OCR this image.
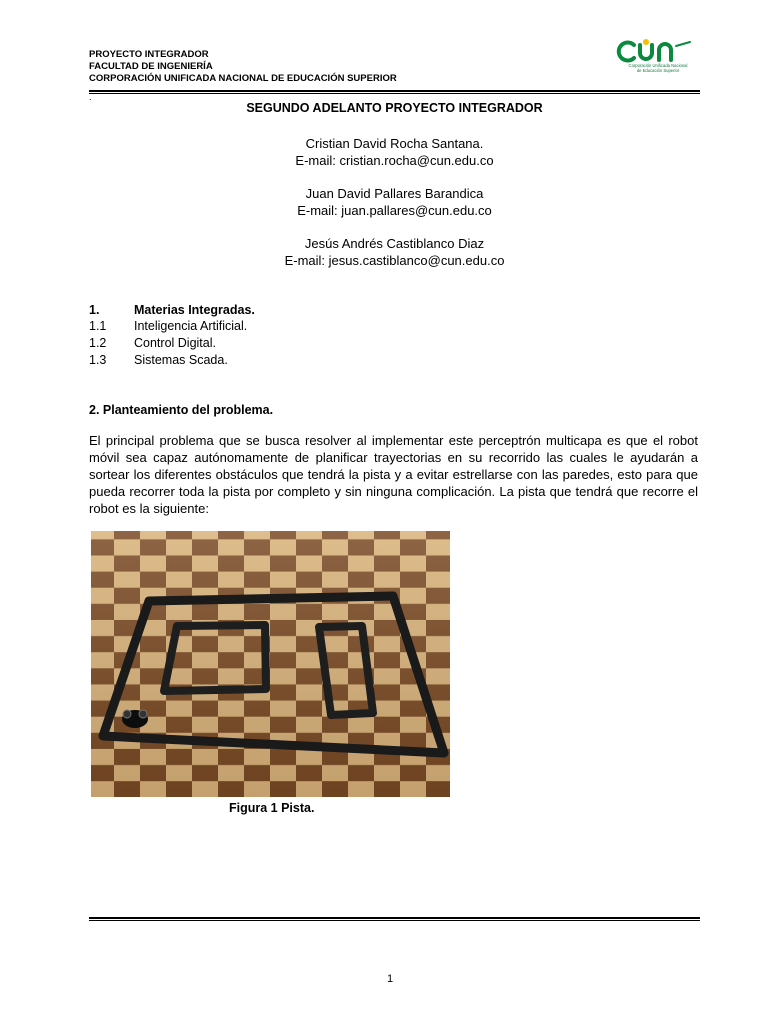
PROYECTO INTEGRADOR
FACULTAD DE INGENIERÍA
CORPORACIÓN UNIFICADA NACIONAL DE EDUCACIÓN SUPERIOR
Corporación Unificada Nacional
de Educación Superior
.
SEGUNDO ADELANTO PROYECTO INTEGRADOR
Cristian David Rocha Santana.
E-mail: cristian.rocha@cun.edu.co
Juan David Pallares Barandica
E-mail: juan.pallares@cun.edu.co
Jesús Andrés Castiblanco Diaz
E-mail: jesus.castiblanco@cun.edu.co
1.	Materias Integradas.
1.1 Inteligencia Artificial.
1.2 Control Digital.
1.3 Sistemas Scada.
2. Planteamiento del problema.
El principal problema que se busca resolver al implementar este perceptrón multicapa es que el robot móvil sea capaz autónomamente de planificar trayectorias en su recorrido las cuales le ayudarán a sortear los diferentes obstáculos que tendrá la pista y a evitar estrellarse con las paredes, esto para que pueda recorrer toda la pista por completo y sin ninguna complicación. La pista que tendrá que recorre el robot es la siguiente:
Figura 1 Pista.
1
